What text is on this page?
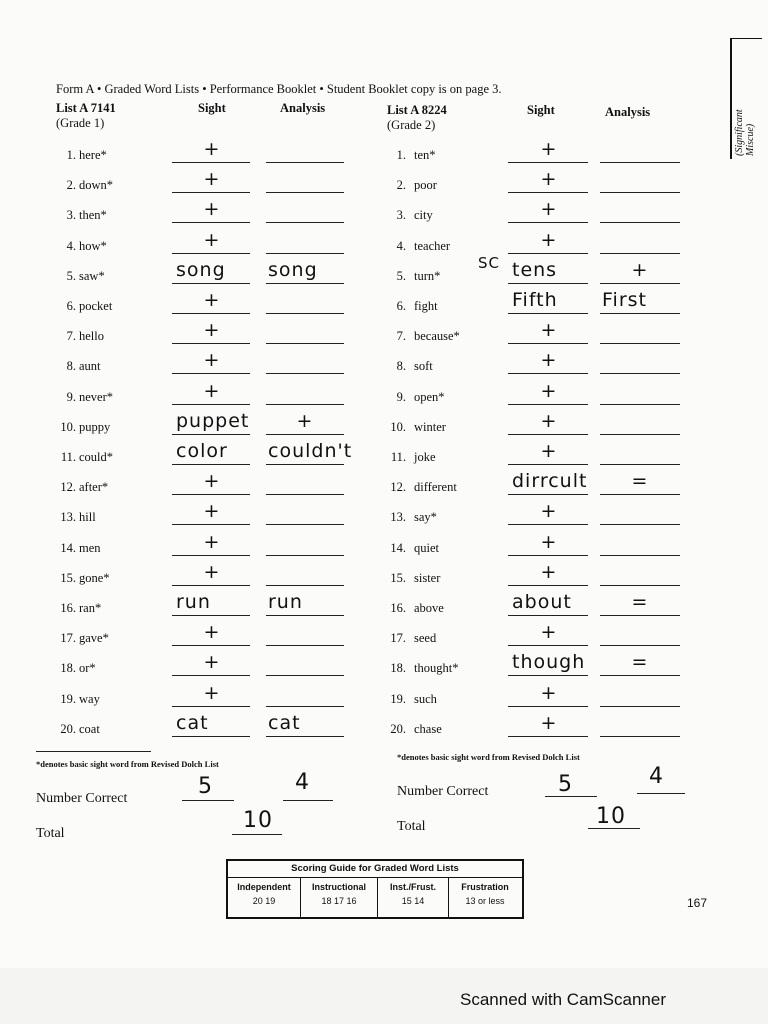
Form A • Graded Word Lists • Performance Booklet • Student Booklet copy is on page 3.
(Significant Miscue)
List A 7141
(Grade 1)
Sight	Analysis	List A 8224
(Grade 2)
Sight	Analysis
1. here*	+
2. down*	+
3. then*	+
4. how*	+
5. saw*	song	song
6. pocket	+
7. hello	+
8. aunt	+
9. never*	+
10. puppy	puppet	+
11. could*	color	couldn't
12. after*	+
13. hill	+
14. men	+
15. gone*	+
16. ran*	run	run
17. gave*	+
18. or*	+
19. way	+
20. coat	cat	cat
1. ten*	+
2. poor	+
3. city	+
4. teacher	+
5. turn*	tens	+
6. fight	Fifth	First
7. because*	+
8. soft	+
9. open*	+
10. winter	+
11. joke	+
12. different	dirrcult	=
13. say*	+
14. quiet	+
15. sister	+
16. above	about	=
17. seed	+
18. thought*	though	=
19. such	+
20. chase	+
SC
*denotes basic sight word from Revised Dolch List
Number Correct	5	4
Total
10
*denotes basic sight word from Revised Dolch List
Number Correct	5	4
Total	10
Scoring Guide for Graded Word Lists
Independent
20 19
Instructional
18 17 16
Inst./Frust.
15 14
Frustration
13 or less	167
Scanned with CamScanner
